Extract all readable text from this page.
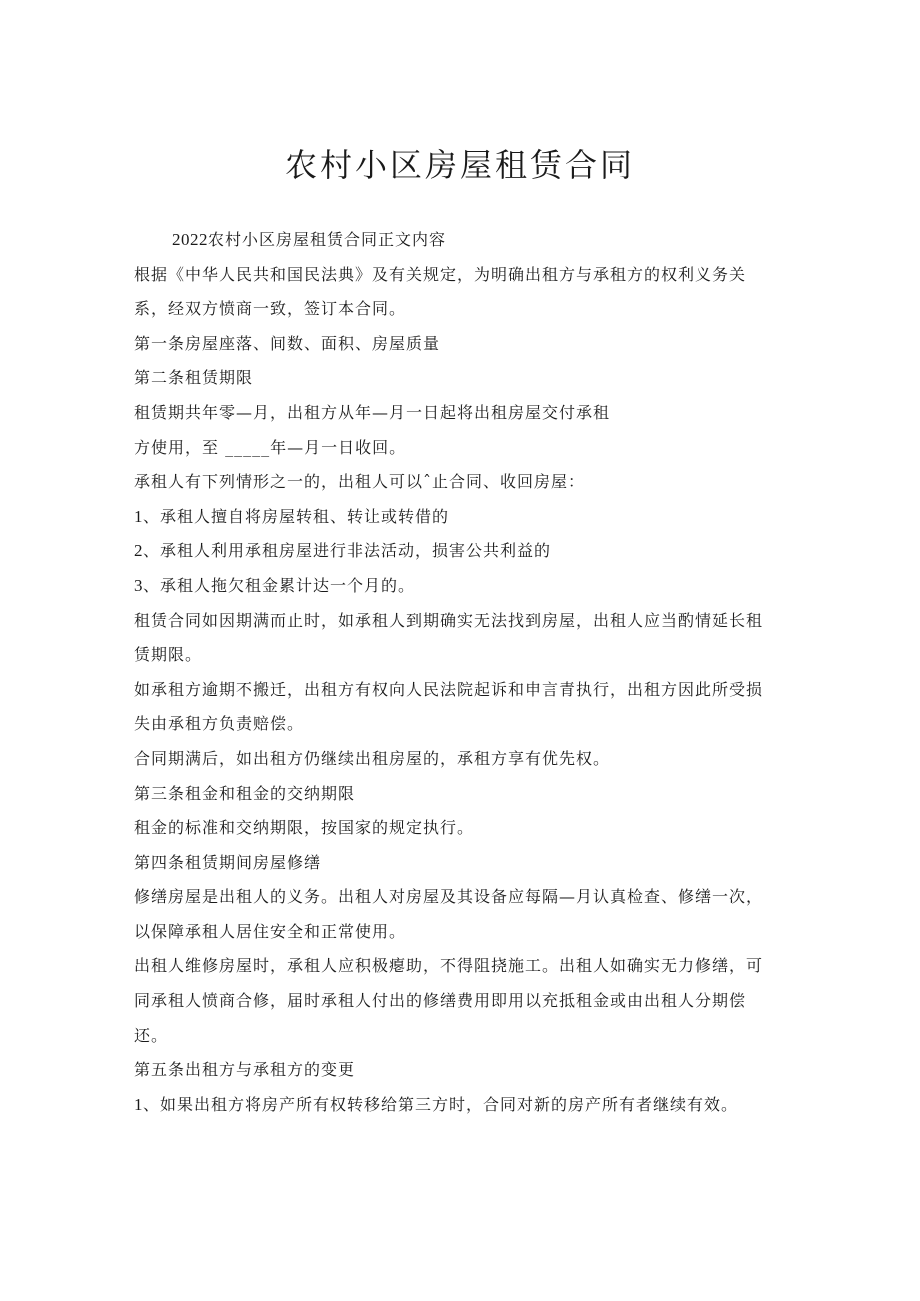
农村小区房屋租赁合同
2022农村小区房屋租赁合同正文内容
根据《中华人民共和国民法典》及有关规定，为明确出租方与承租方的权利义务关
系，经双方愤商一致，签订本合同。
第一条房屋座落、间数、面积、房屋质量
第二条租赁期限
租赁期共年零—月，出租方从年—月一日起将出租房屋交付承租
方使用，至 _____年—月一日收回。
承租人有下列情形之一的，出租人可以ˆ止合同、收回房屋：
1、承租人擅自将房屋转租、转让或转借的
2、承租人利用承租房屋进行非法活动，损害公共利益的
3、承租人拖欠租金累计达一个月的。
租赁合同如因期满而止时，如承租人到期确实无法找到房屋，出租人应当酌情延长租
赁期限。
如承租方逾期不搬迁，出租方有权向人民法院起诉和申言青执行，出租方因此所受损
失由承租方负责赔偿。
合同期满后，如出租方仍继续出租房屋的，承租方享有优先权。
第三条租金和租金的交纳期限
租金的标准和交纳期限，按国家的规定执行。
第四条租赁期间房屋修缮
修缮房屋是出租人的义务。出租人对房屋及其设备应每隔—月认真检查、修缮一次，
以保障承租人居住安全和正常使用。
出租人维修房屋时，承租人应积极瘪助，不得阻挠施工。出租人如确实无力修缮，可
同承租人愤商合修，届时承租人付出的修缮费用即用以充抵租金或由出租人分期偿
还。
第五条出租方与承租方的变更
1、如果出租方将房产所有权转移给第三方时，合同对新的房产所有者继续有效。
